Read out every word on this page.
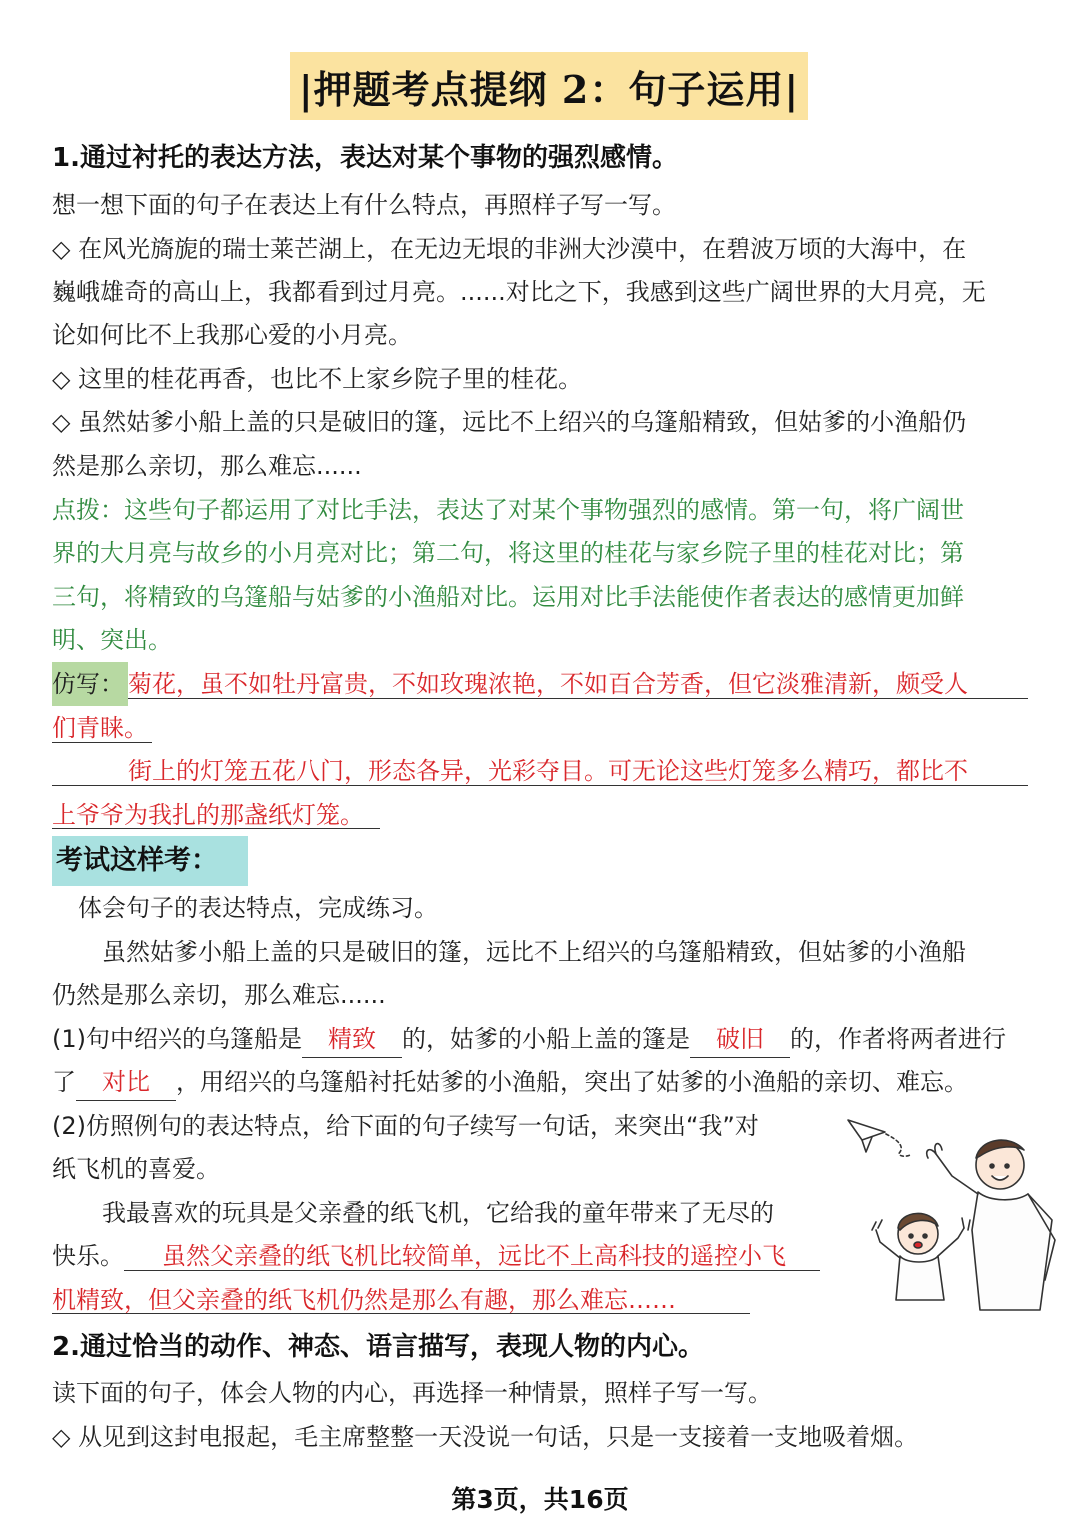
|押题考点提纲 2：句子运用|
1.通过衬托的表达方法，表达对某个事物的强烈感情。
想一想下面的句子在表达上有什么特点，再照样子写一写。
◇ 在风光旖旎的瑞士莱芒湖上，在无边无垠的非洲大沙漠中，在碧波万顷的大海中，在
巍峨雄奇的高山上，我都看到过月亮。......对比之下，我感到这些广阔世界的大月亮，无
论如何比不上我那心爱的小月亮。
◇ 这里的桂花再香，也比不上家乡院子里的桂花。
◇ 虽然姑爹小船上盖的只是破旧的篷，远比不上绍兴的乌篷船精致，但姑爹的小渔船仍
然是那么亲切，那么难忘......
点拨：这些句子都运用了对比手法，表达了对某个事物强烈的感情。第一句，将广阔世
界的大月亮与故乡的小月亮对比；第二句，将这里的桂花与家乡院子里的桂花对比；第
三句，将精致的乌篷船与姑爹的小渔船对比。运用对比手法能使作者表达的感情更加鲜
明、突出。
仿写： 菊花，虽不如牡丹富贵，不如玫瑰浓艳，不如百合芳香，但它淡雅清新，颇受人
们青睐。
街上的灯笼五花八门，形态各异，光彩夺目。可无论这些灯笼多么精巧，都比不
上爷爷为我扎的那盏纸灯笼。
考试这样考：
体会句子的表达特点，完成练习。
虽然姑爹小船上盖的只是破旧的篷，远比不上绍兴的乌篷船精致，但姑爹的小渔船
仍然是那么亲切，那么难忘......
(1)句中绍兴的乌篷船是 精致 的，姑爹的小船上盖的篷是 破旧 的，作者将两者进行
了 对比 ，用绍兴的乌篷船衬托姑爹的小渔船，突出了姑爹的小渔船的亲切、难忘。
(2)仿照例句的表达特点，给下面的句子续写一句话，来突出“我”对
纸飞机的喜爱。
我最喜欢的玩具是父亲叠的纸飞机，它给我的童年带来了无尽的
快乐。	虽然父亲叠的纸飞机比较简单，远比不上高科技的遥控小飞
机精致，但父亲叠的纸飞机仍然是那么有趣，那么难忘……
2.通过恰当的动作、神态、语言描写，表现人物的内心。
读下面的句子，体会人物的内心，再选择一种情景，照样子写一写。
◇ 从见到这封电报起，毛主席整整一天没说一句话，只是一支接着一支地吸着烟。
第3页，共16页
